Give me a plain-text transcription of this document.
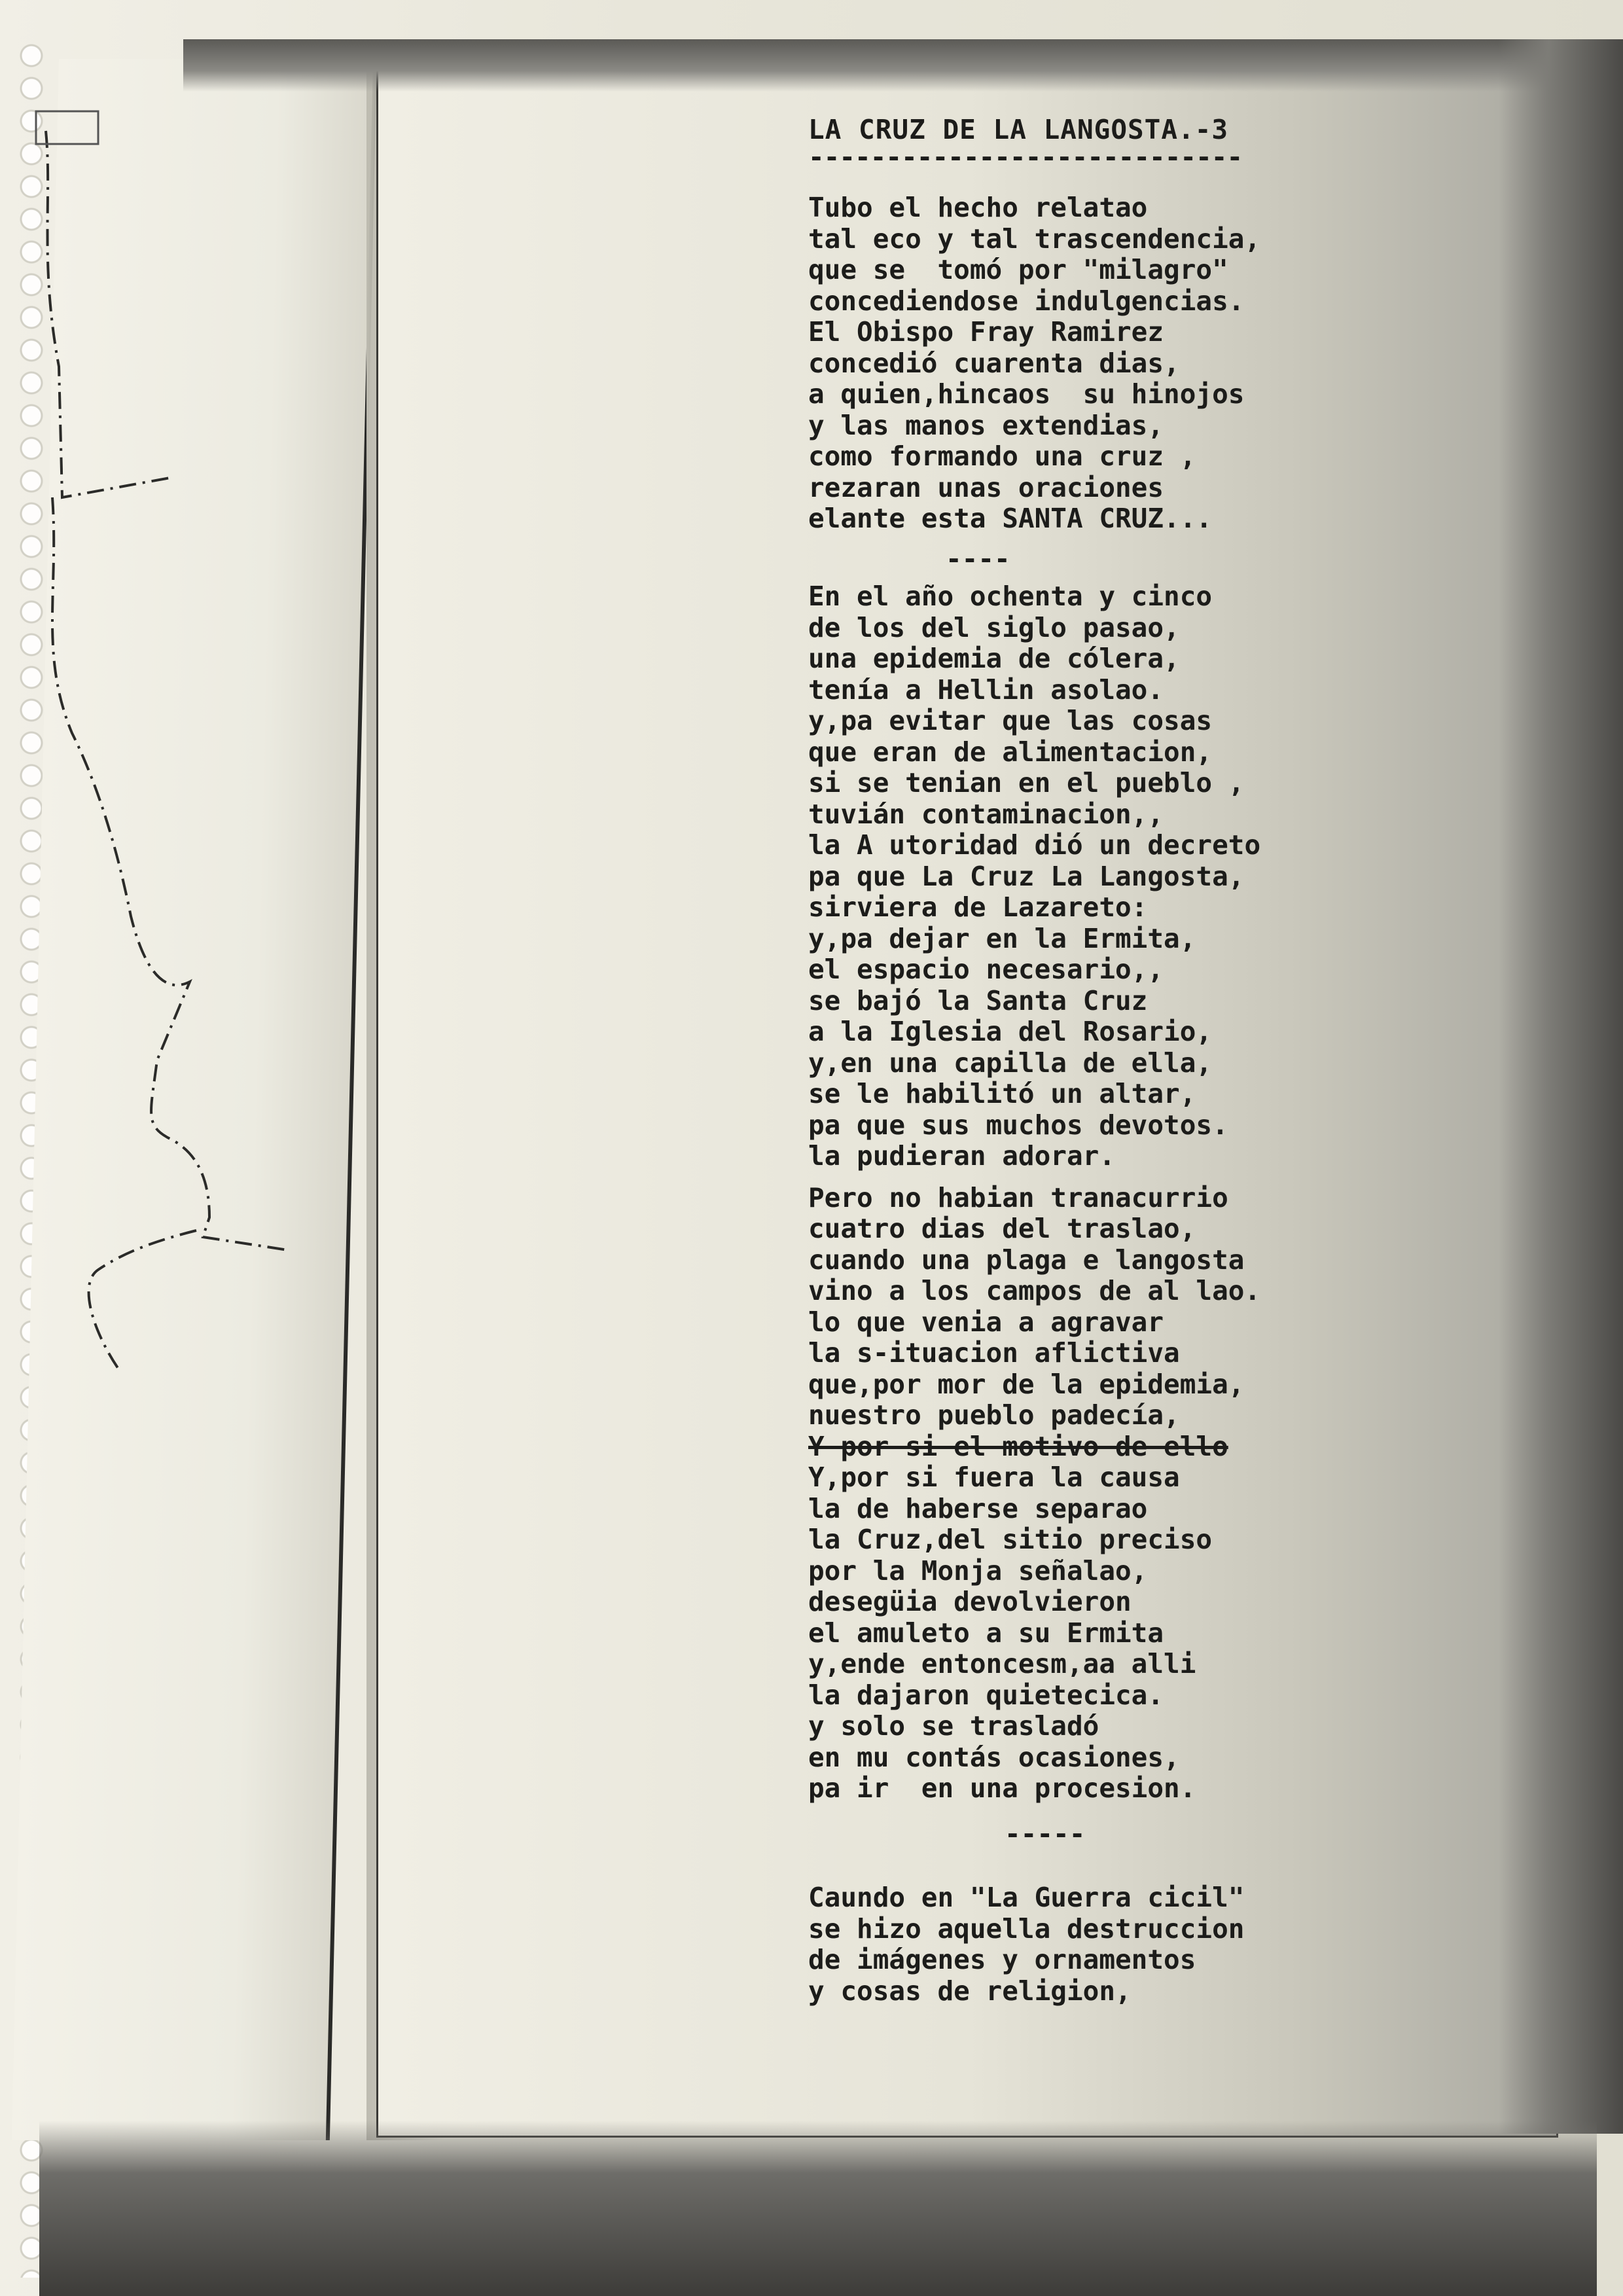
LA CRUZ DE LA LANGOSTA.-3
----------------------------
Tubo el hecho relatao
tal eco y tal trascendencia,
que se  tomó por "milagro"
concediendose indulgencias.
El Obispo Fray Ramirez
concedió cuarenta dias,
a quien,hincaos  su hinojos
y las manos extendias,
como formando una cruz ,
rezaran unas oraciones
elante esta SANTA CRUZ...
----
En el año ochenta y cinco
de los del siglo pasao,
una epidemia de cólera,
tenía a Hellin asolao.
y,pa evitar que las cosas
que eran de alimentacion,
si se tenian en el pueblo ,
tuvián contaminacion,,
la A utoridad dió un decreto
pa que La Cruz La Langosta,
sirviera de Lazareto:
y,pa dejar en la Ermita,
el espacio necesario,,
se bajó la Santa Cruz
a la Iglesia del Rosario,
y,en una capilla de ella,
se le habilitó un altar,
pa que sus muchos devotos.
la pudieran adorar.
Pero no habian tranacurrio
cuatro dias del traslao,
cuando una plaga e langosta
vino a los campos de al lao.
lo que venia a agravar
la s-ituacion aflictiva
que,por mor de la epidemia,
nuestro pueblo padecía,
Y por si el motivo de ello
Y,por si fuera la causa
la de haberse separao
la Cruz,del sitio preciso
por la Monja señalao,
desegüia devolvieron
el amuleto a su Ermita
y,ende entoncesm,aa alli
la dajaron quietecica.
y solo se trasladó
en mu contás ocasiones,
pa ir  en una procesion.
-----
Caundo en "La Guerra cicil"
se hizo aquella destruccion
de imágenes y ornamentos
y cosas de religion,
